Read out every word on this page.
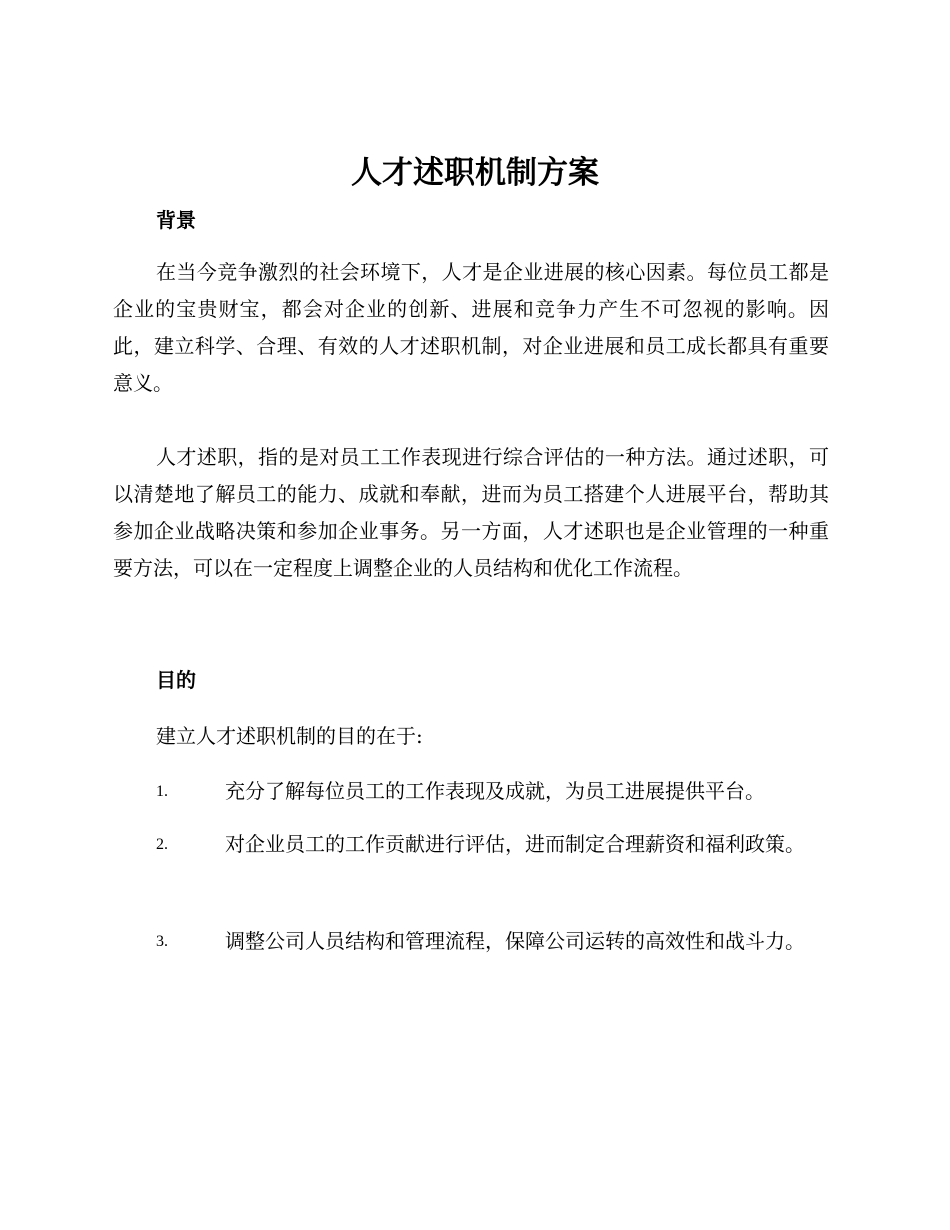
人才述职机制方案
背景

在当今竞争激烈的社会环境下，人才是企业进展的核心因素。每位员工都是企业的宝贵财宝，都会对企业的创新、进展和竞争力产生不可忽视的影响。因此，建立科学、合理、有效的人才述职机制，对企业进展和员工成长都具有重要意义。

人才述职，指的是对员工工作表现进行综合评估的一种方法。通过述职，可以清楚地了解员工的能力、成就和奉献，进而为员工搭建个人进展平台，帮助其参加企业战略决策和参加企业事务。另一方面，人才述职也是企业管理的一种重要方法，可以在一定程度上调整企业的人员结构和优化工作流程。

目的

建立人才述职机制的目的在于:

1.	充分了解每位员工的工作表现及成就，为员工进展提供平台。
2.	对企业员工的工作贡献进行评估，进而制定合理薪资和福利政策。
3.	调整公司人员结构和管理流程，保障公司运转的高效性和战斗力。
